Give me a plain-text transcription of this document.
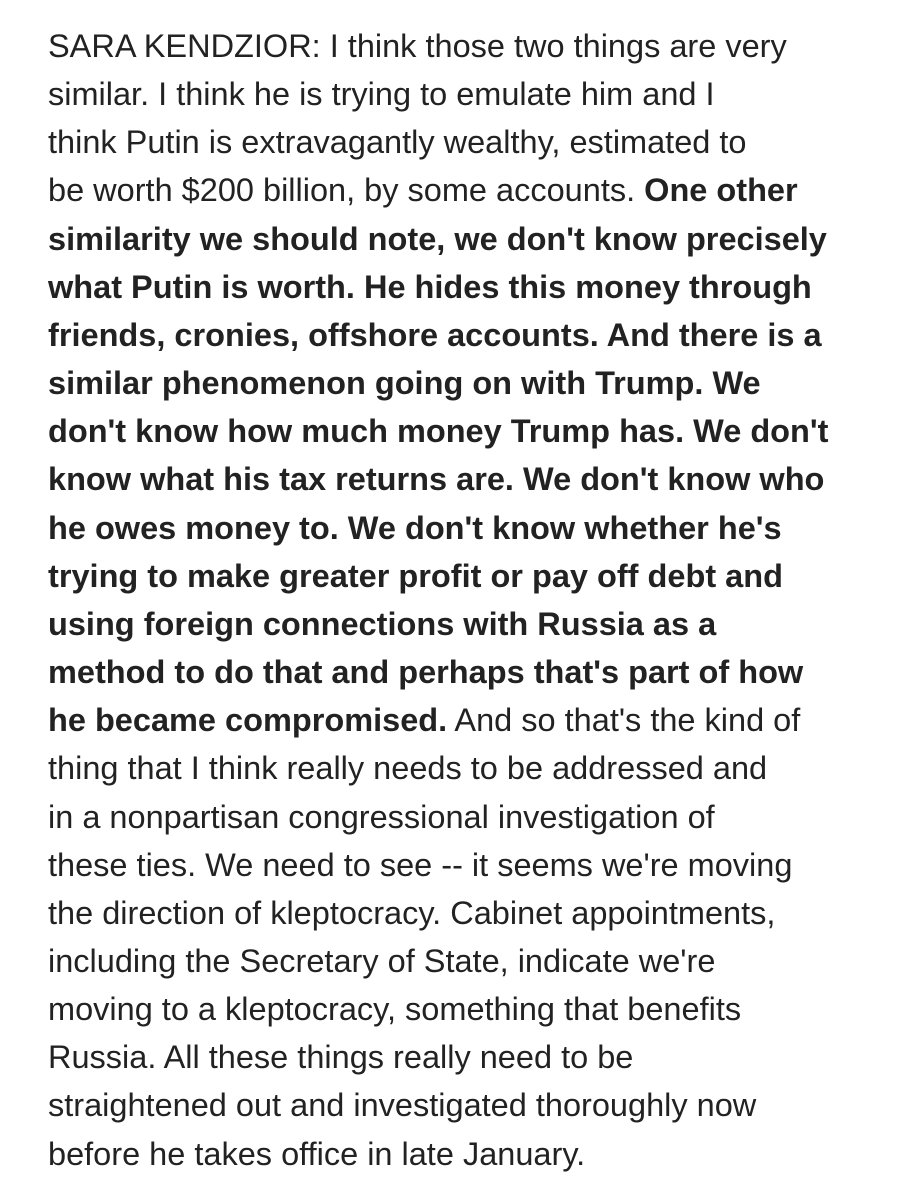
SARA KENDZIOR: I think those two things are very
similar. I think he is trying to emulate him and I
think Putin is extravagantly wealthy, estimated to
be worth $200 billion, by some accounts. One other
similarity we should note, we don't know precisely
what Putin is worth. He hides this money through
friends, cronies, offshore accounts. And there is a
similar phenomenon going on with Trump. We
don't know how much money Trump has. We don't
know what his tax returns are. We don't know who
he owes money to. We don't know whether he's
trying to make greater profit or pay off debt and
using foreign connections with Russia as a
method to do that and perhaps that's part of how
he became compromised. And so that's the kind of
thing that I think really needs to be addressed and
in a nonpartisan congressional investigation of
these ties. We need to see -- it seems we're moving
the direction of kleptocracy. Cabinet appointments,
including the Secretary of State, indicate we're
moving to a kleptocracy, something that benefits
Russia. All these things really need to be
straightened out and investigated thoroughly now
before he takes office in late January.
